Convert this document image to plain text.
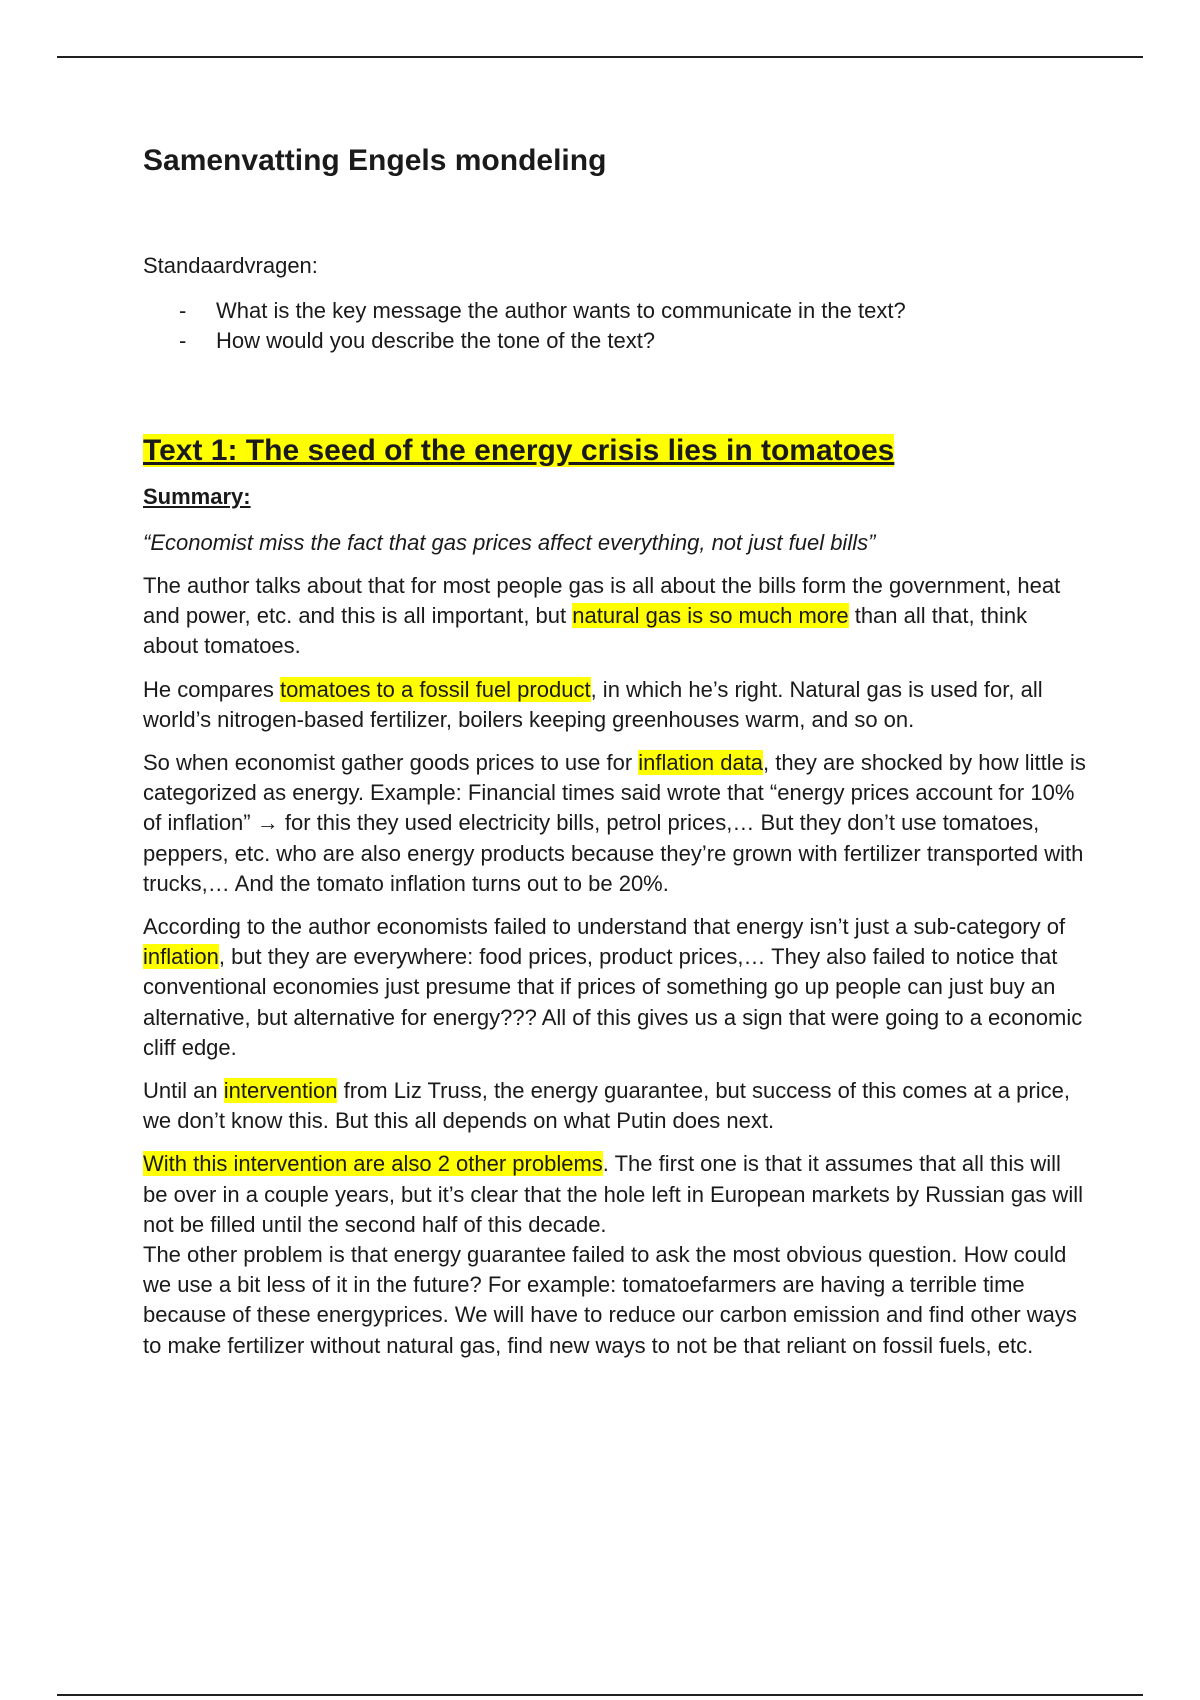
Samenvatting Engels mondeling
Standaardvragen:
- What is the key message the author wants to communicate in the text?
- How would you describe the tone of the text?
Text 1: The seed of the energy crisis lies in tomatoes
Summary:
“Economist miss the fact that gas prices affect everything, not just fuel bills”

The author talks about that for most people gas is all about the bills form the government, heat and power, etc. and this is all important, but natural gas is so much more than all that, think about tomatoes.

He compares tomatoes to a fossil fuel product, in which he’s right. Natural gas is used for, all world’s nitrogen-based fertilizer, boilers keeping greenhouses warm, and so on.

So when economist gather goods prices to use for inflation data, they are shocked by how little is categorized as energy. Example: Financial times said wrote that “energy prices account for 10% of inflation” → for this they used electricity bills, petrol prices,… But they don’t use tomatoes, peppers, etc. who are also energy products because they’re grown with fertilizer transported with trucks,… And the tomato inflation turns out to be 20%.

According to the author economists failed to understand that energy isn’t just a sub-category of inflation, but they are everywhere: food prices, product prices,… They also failed to notice that conventional economies just presume that if prices of something go up people can just buy an alternative, but alternative for energy??? All of this gives us a sign that were going to a economic cliff edge.

Until an intervention from Liz Truss, the energy guarantee, but success of this comes at a price, we don’t know this. But this all depends on what Putin does next.

With this intervention are also 2 other problems. The first one is that it assumes that all this will be over in a couple years, but it’s clear that the hole left in European markets by Russian gas will not be filled until the second half of this decade.
The other problem is that energy guarantee failed to ask the most obvious question. How could we use a bit less of it in the future? For example: tomatoefarmers are having a terrible time because of these energyprices. We will have to reduce our carbon emission and find other ways to make fertilizer without natural gas, find new ways to not be that reliant on fossil fuels, etc.
